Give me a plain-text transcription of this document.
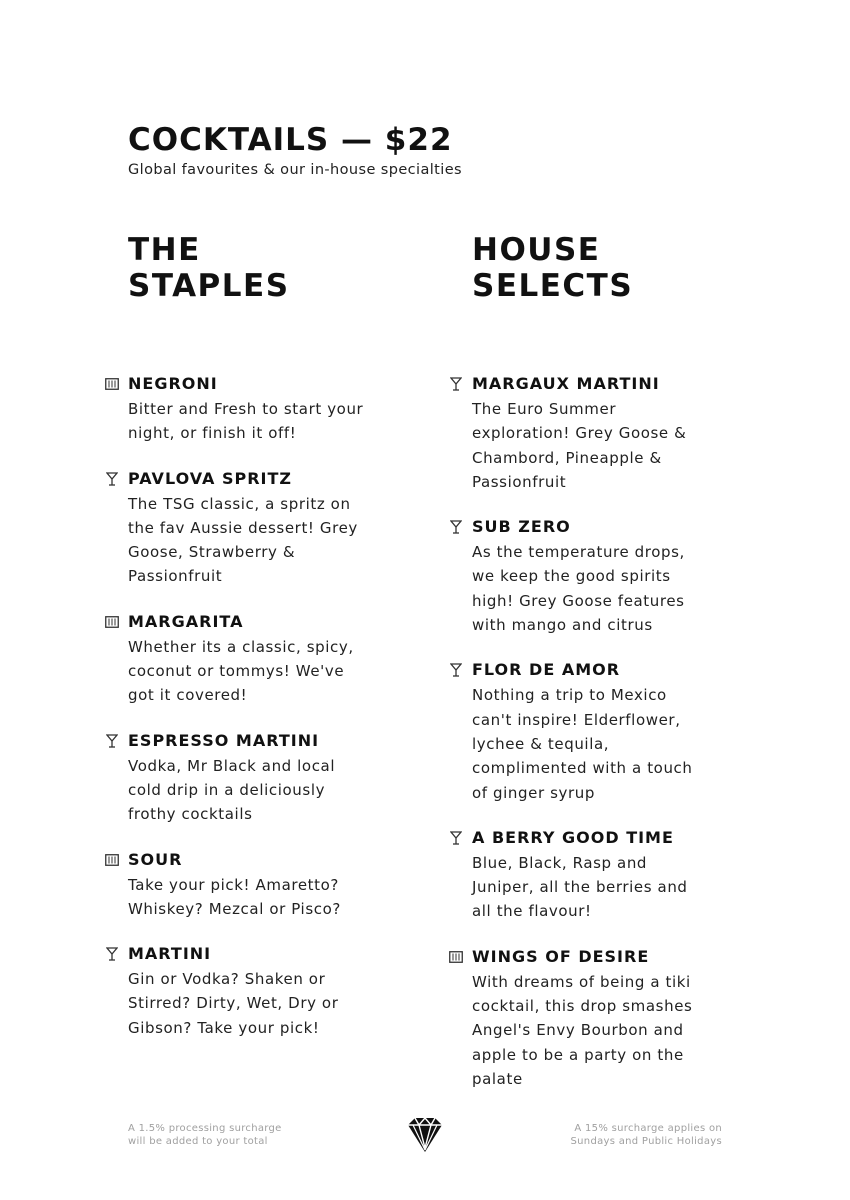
COCKTAILS — $22
Global favourites & our in-house specialties
THE
STAPLES
NEGRONI
Bitter and Fresh to start your night, or finish it off!
PAVLOVA SPRITZ
The TSG classic, a spritz on the fav Aussie dessert! Grey Goose, Strawberry & Passionfruit
MARGARITA
Whether its a classic, spicy, coconut or tommys! We've got it covered!
ESPRESSO MARTINI
Vodka, Mr Black and local cold drip in a deliciously frothy cocktails
SOUR
Take your pick! Amaretto? Whiskey? Mezcal or Pisco?
MARTINI
Gin or Vodka? Shaken or Stirred? Dirty, Wet, Dry or Gibson? Take your pick!
HOUSE
SELECTS
MARGAUX MARTINI
The Euro Summer exploration! Grey Goose & Chambord, Pineapple & Passionfruit
SUB ZERO
As the temperature drops, we keep the good spirits high! Grey Goose features with mango and citrus
FLOR DE AMOR
Nothing a trip to Mexico can't inspire! Elderflower, lychee & tequila, complimented with a touch of ginger syrup
A BERRY GOOD TIME
Blue, Black, Rasp and Juniper, all the berries and all the flavour!
WINGS OF DESIRE
With dreams of being a tiki cocktail, this drop smashes Angel's Envy Bourbon and apple to be a party on the palate
A 1.5% processing surcharge
will be added to your total
A 15% surcharge applies on
Sundays and Public Holidays
